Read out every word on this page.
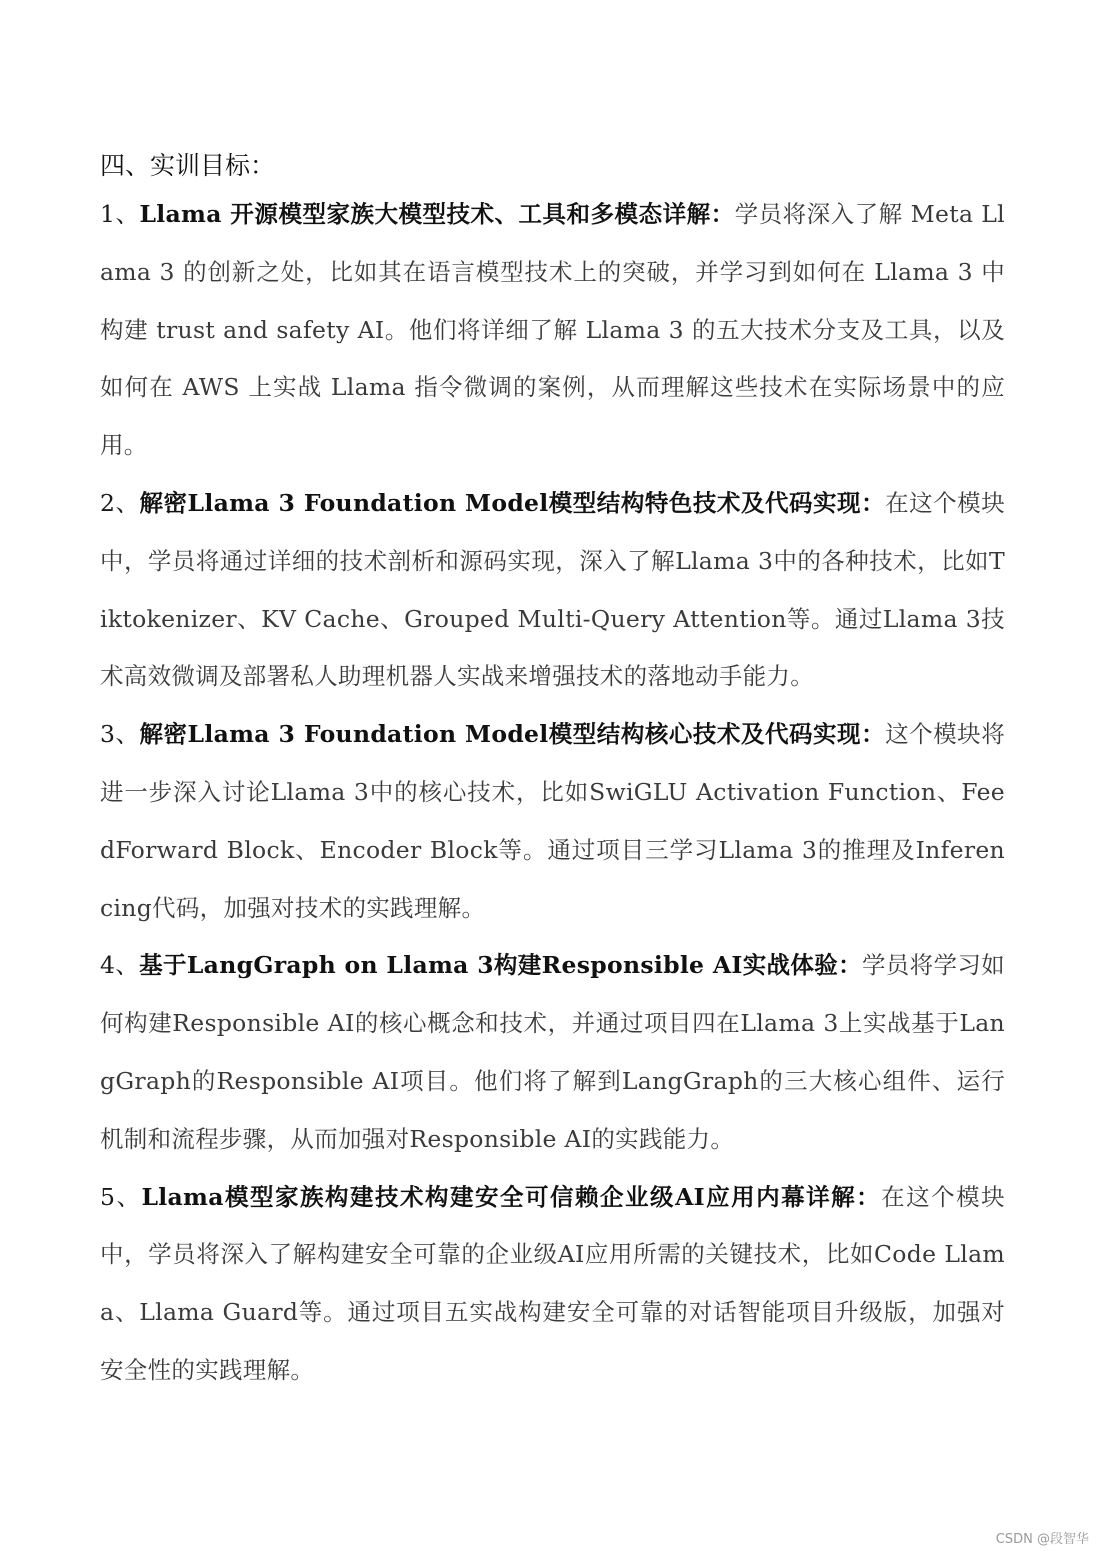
四、实训目标：

1、Llama 开源模型家族大模型技术、工具和多模态详解：学员将深入了解 Meta Llama 3 的创新之处，比如其在语言模型技术上的突破，并学习到如何在 Llama 3 中构建 trust and safety AI。他们将详细了解 Llama 3 的五大技术分支及工具，以及如何在 AWS 上实战 Llama 指令微调的案例，从而理解这些技术在实际场景中的应用。

2、解密Llama 3 Foundation Model模型结构特色技术及代码实现：在这个模块中，学员将通过详细的技术剖析和源码实现，深入了解Llama 3中的各种技术，比如Tiktokenizer、KV Cache、Grouped Multi-Query Attention等。通过Llama 3技术高效微调及部署私人助理机器人实战来增强技术的落地动手能力。

3、解密Llama 3 Foundation Model模型结构核心技术及代码实现：这个模块将进一步深入讨论Llama 3中的核心技术，比如SwiGLU Activation Function、FeedForward Block、Encoder Block等。通过项目三学习Llama 3的推理及Inferencing代码，加强对技术的实践理解。

4、基于LangGraph on Llama 3构建Responsible AI实战体验：学员将学习如何构建Responsible AI的核心概念和技术，并通过项目四在Llama 3上实战基于LangGraph的Responsible AI项目。他们将了解到LangGraph的三大核心组件、运行机制和流程步骤，从而加强对Responsible AI的实践能力。

5、Llama模型家族构建技术构建安全可信赖企业级AI应用内幕详解：在这个模块中，学员将深入了解构建安全可靠的企业级AI应用所需的关键技术，比如Code Llama、Llama Guard等。通过项目五实战构建安全可靠的对话智能项目升级版，加强对安全性的实践理解。

CSDN @段智华
